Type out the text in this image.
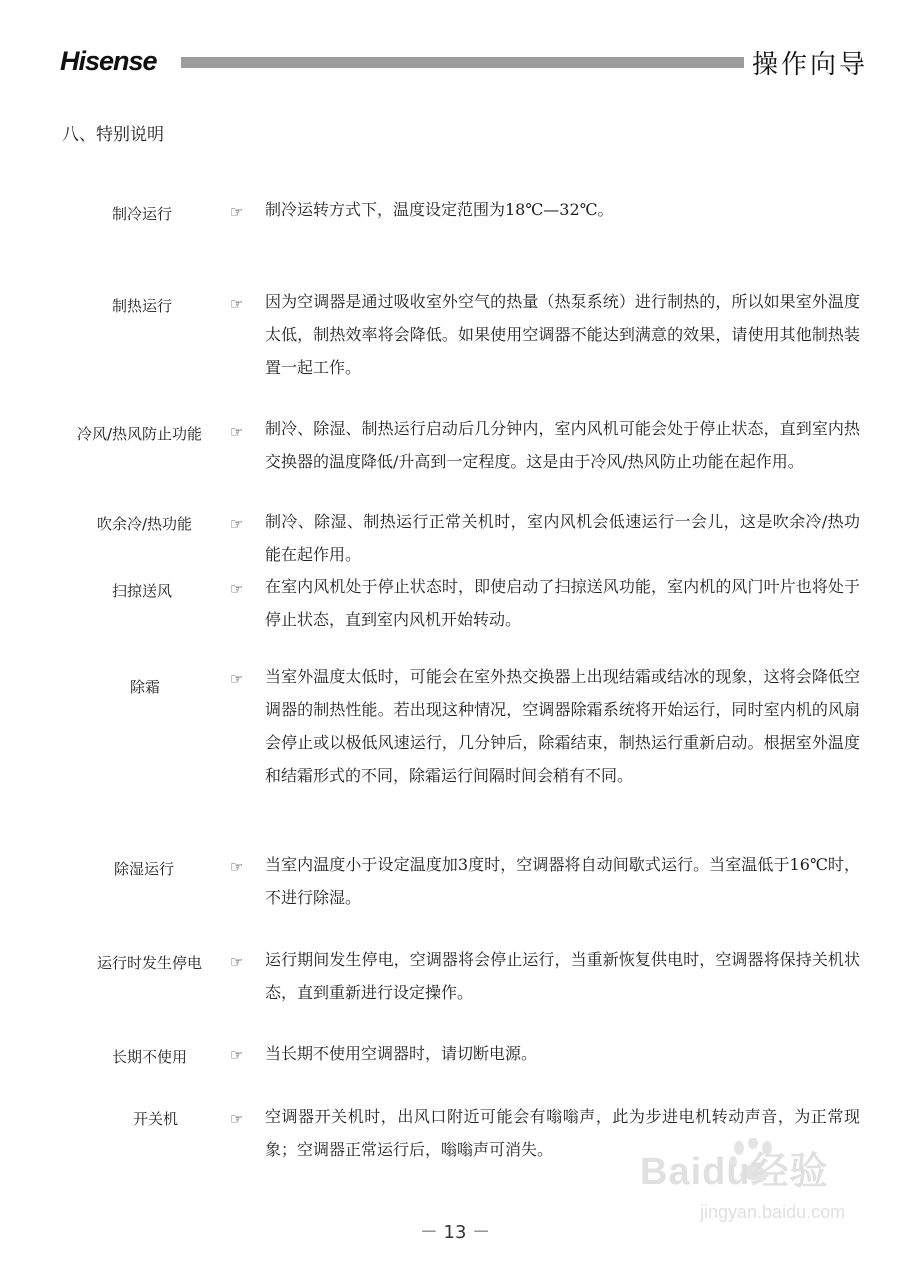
Hisense	操作向导
八、特别说明
制冷运行	☞ 制冷运转方式下，温度设定范围为18℃—32℃。

制热运行	☞ 因为空调器是通过吸收室外空气的热量（热泵系统）进行制热的，所以如果室外温度太低，制热效率将会降低。如果使用空调器不能达到满意的效果，请使用其他制热装置一起工作。

冷风/热风防止功能 ☞ 制冷、除湿、制热运行启动后几分钟内，室内风机可能会处于停止状态，直到室内热交换器的温度降低/升高到一定程度。这是由于冷风/热风防止功能在起作用。

吹余冷/热功能	☞ 制冷、除湿、制热运行正常关机时，室内风机会低速运行一会儿，这是吹余冷/热功能在起作用。

扫掠送风	☞ 在室内风机处于停止状态时，即使启动了扫掠送风功能，室内机的风门叶片也将处于停止状态，直到室内风机开始转动。

除霜	☞ 当室外温度太低时，可能会在室外热交换器上出现结霜或结冰的现象，这将会降低空调器的制热性能。若出现这种情况，空调器除霜系统将开始运行，同时室内机的风扇会停止或以极低风速运行，几分钟后，除霜结束，制热运行重新启动。根据室外温度和结霜形式的不同，除霜运行间隔时间会稍有不同。

除湿运行	☞ 当室内温度小于设定温度加3度时，空调器将自动间歇式运行。当室温低于16℃时，不进行除湿。

运行时发生停电 ☞ 运行期间发生停电，空调器将会停止运行，当重新恢复供电时，空调器将保持关机状态，直到重新进行设定操作。

长期不使用	☞ 当长期不使用空调器时，请切断电源。

开关机	☞ 空调器开关机时，出风口附近可能会有嗡嗡声，此为步进电机转动声音，为正常现象；空调器正常运行后，嗡嗡声可消失。

－ 13 －
Baidu经验
jingyan.baidu.com
